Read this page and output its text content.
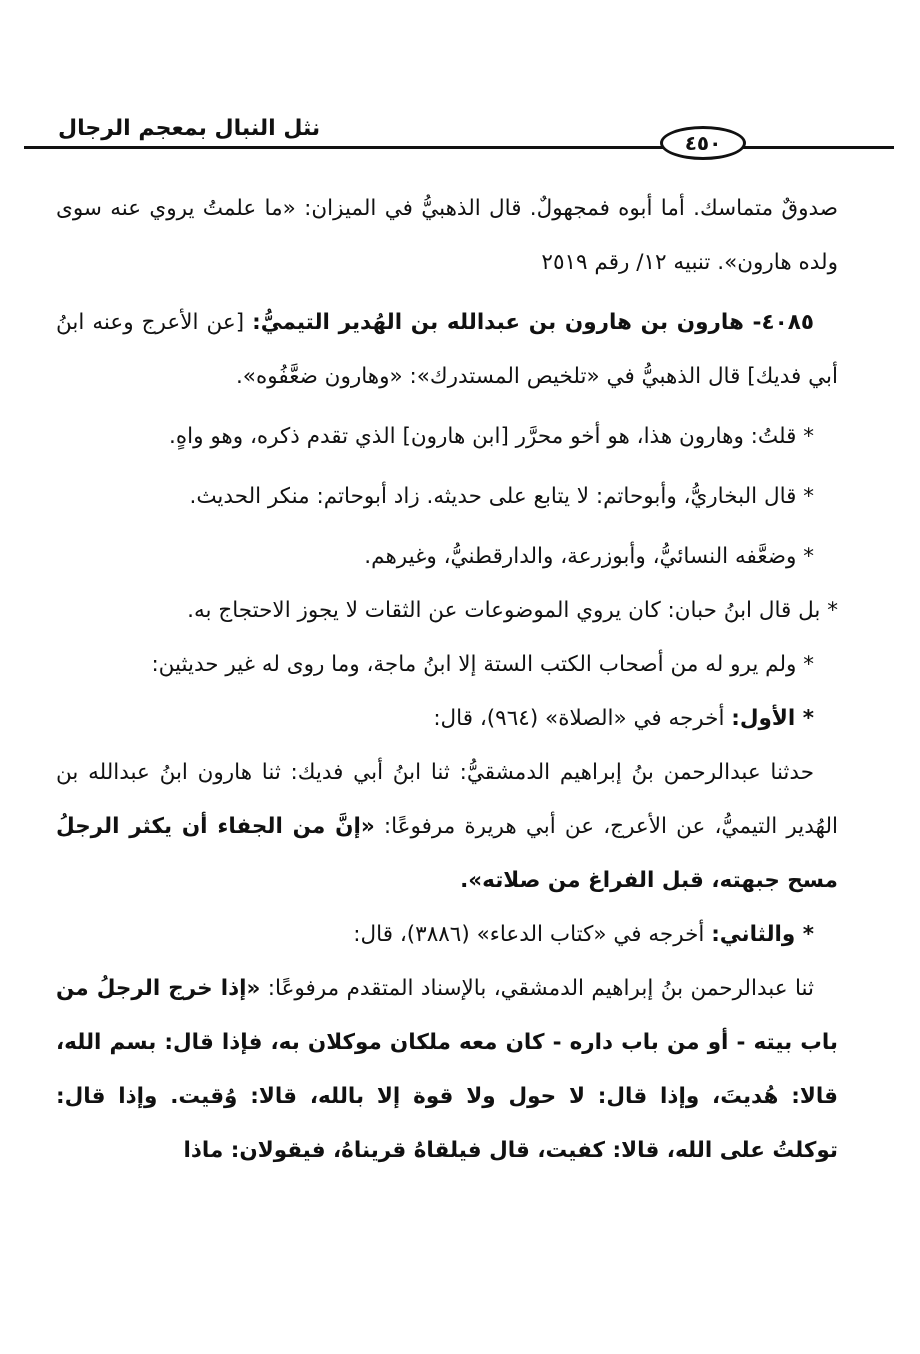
نثل النبال بمعجم الرجال
٤٥٠

صدوقٌ متماسك. أما أبوه فمجهولٌ. قال الذهبيُّ في الميزان: «ما علمتُ يروي عنه سوى ولده هارون». تنبيه ١٢/ رقم ٢٥١٩

٤٠٨٥- هارون بن هارون بن عبدالله بن الهُدير التيميُّ: [عن الأعرج وعنه ابنُ أبي فديك] قال الذهبيُّ في «تلخيص المستدرك»: «وهارون ضعَّفُوه».

* قلتُ: وهارون هذا، هو أخو محرَّر [ابن هارون] الذي تقدم ذكره، وهو واهٍ.

* قال البخاريُّ، وأبوحاتم: لا يتابع على حديثه. زاد أبوحاتم: منكر الحديث.

* وضعَّفه النسائيُّ، وأبوزرعة، والدارقطنيُّ، وغيرهم.

* بل قال ابنُ حبان: كان يروي الموضوعات عن الثقات لا يجوز الاحتجاج به.

* ولم يرو له من أصحاب الكتب الستة إلا ابنُ ماجة، وما روى له غير حديثين:

* الأول: أخرجه في «الصلاة» (٩٦٤)، قال:

حدثنا عبدالرحمن بنُ إبراهيم الدمشقيُّ: ثنا ابنُ أبي فديك: ثنا هارون ابنُ عبدالله بن الهُدير التيميُّ، عن الأعرج، عن أبي هريرة مرفوعًا: «إنَّ من الجفاء أن يكثر الرجلُ مسح جبهته، قبل الفراغ من صلاته».

* والثاني: أخرجه في «كتاب الدعاء» (٣٨٨٦)، قال:

ثنا عبدالرحمن بنُ إبراهيم الدمشقي، بالإسناد المتقدم مرفوعًا: «إذا خرج الرجلُ من باب بيته - أو من باب داره - كان معه ملكان موكلان به، فإذا قال: بسم الله، قالا: هُديتَ، وإذا قال: لا حول ولا قوة إلا بالله، قالا: وُقيت. وإذا قال: توكلتُ على الله، قالا: كفيت، قال فيلقاهُ قريناهُ، فيقولان: ماذا
